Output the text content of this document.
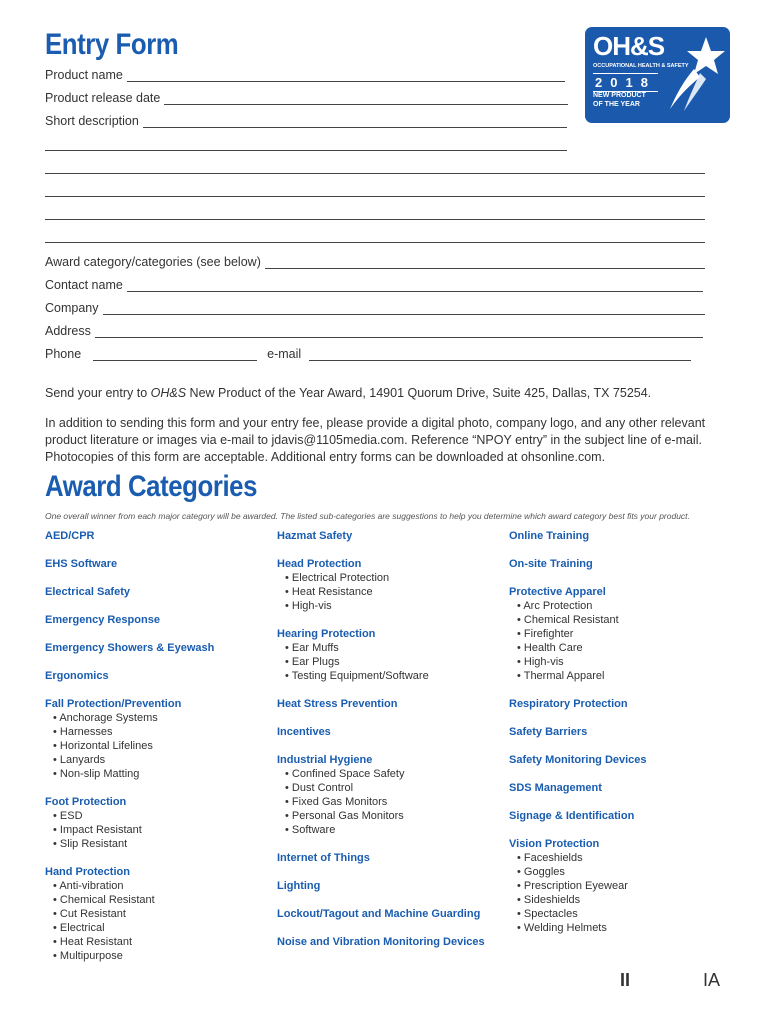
Entry Form	OH&S
OCCUPATIONAL HEALTH & SAFETY
2018
NEW PRODUCT OF THE YEAR
Product name
Product release date
Short description
Award category/categories (see below)
Contact name
Company
Address
Phone	e-mail

Send your entry to OH&S New Product of the Year Award, 14901 Quorum Drive, Suite 425, Dallas, TX 75254.

In addition to sending this form and your entry fee, please provide a digital photo, company logo, and any other relevant product literature or images via e-mail to jdavis@1105media.com. Reference “NPOY entry” in the subject line of e-mail. Photocopies of this form are acceptable. Additional entry forms can be downloaded at ohsonline.com.

Award Categories
One overall winner from each major category will be awarded. The listed sub-categories are suggestions to help you determine which award category best fits your product.
AED/CPR
EHS Software
Electrical Safety
Emergency Response
Emergency Showers & Eyewash
Ergonomics
Fall Protection/Prevention
• Anchorage Systems
• Harnesses
• Horizontal Lifelines
• Lanyards
• Non-slip Matting
Foot Protection
• ESD
• Impact Resistant
• Slip Resistant
Hand Protection
• Anti-vibration
• Chemical Resistant
• Cut Resistant
• Electrical
• Heat Resistant
• Multipurpose
Hazmat Safety
Head Protection
• Electrical Protection
• Heat Resistance
• High-vis
Hearing Protection
• Ear Muffs
• Ear Plugs
• Testing Equipment/Software
Heat Stress Prevention
Incentives
Industrial Hygiene
• Confined Space Safety
• Dust Control
• Fixed Gas Monitors
• Personal Gas Monitors
• Software
Internet of Things
Lighting
Lockout/Tagout and Machine Guarding
Noise and Vibration Monitoring Devices
Online Training
On-site Training
Protective Apparel
• Arc Protection
• Chemical Resistant
• Firefighter
• Health Care
• High-vis
• Thermal Apparel
Respiratory Protection
Safety Barriers
Safety Monitoring Devices
SDS Management
Signage & Identification
Vision Protection
• Faceshields
• Goggles
• Prescription Eyewear
• Sideshields
• Spectacles
• Welding Helmets
II	IA
